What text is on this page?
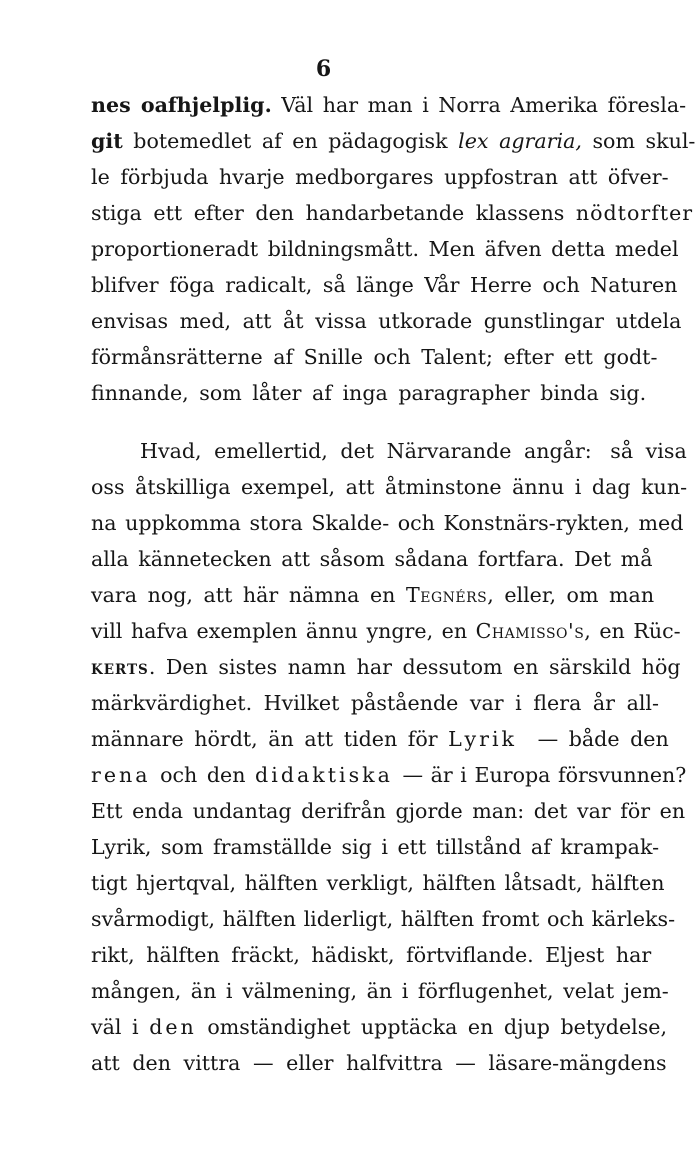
6
nes oafhjelplig. Väl har man i Norra Amerika föresla-
git botemedlet af en pädagogisk lex agraria, som skul-
le förbjuda hvarje medborgares uppfostran att öfver-
stiga ett efter den handarbetande klassens nödtorfter
proportioneradt bildningsmått. Men äfven detta medel
blifver föga radicalt, så länge Vår Herre och Naturen
envisas med, att åt vissa utkorade gunstlingar utdela
förmånsrätterne af Snille och Talent; efter ett godt-
finnande, som låter af inga paragrapher binda sig.
Hvad, emellertid, det Närvarande angår: så visa
oss åtskilliga exempel, att åtminstone ännu i dag kun-
na uppkomma stora Skalde- och Konstnärs-rykten, med
alla kännetecken att såsom sådana fortfara. Det må
vara nog, att här nämna en Tegnérs, eller, om man
vill hafva exemplen ännu yngre, en Chamisso's, en Rüc-
KERTS. Den sistes namn har dessutom en särskild hög
märkvärdighet. Hvilket påstående var i flera år all-
männare hördt, än att tiden för Lyrik — både den
rena och den didaktiska — är i Europa försvunnen?
Ett enda undantag derifrån gjorde man: det var för en
Lyrik, som framställde sig i ett tillstånd af krampak-
tigt hjertqval, hälften verkligt, hälften låtsadt, hälften
svårmodigt, hälften liderligt, hälften fromt och kärleks-
rikt, hälften fräckt, hädiskt, förtviflande. Eljest har
mången, än i välmening, än i förflugenhet, velat jem-
väl i den omständighet upptäcka en djup betydelse,
att den vittra — eller halfvittra — läsare-mängdens
